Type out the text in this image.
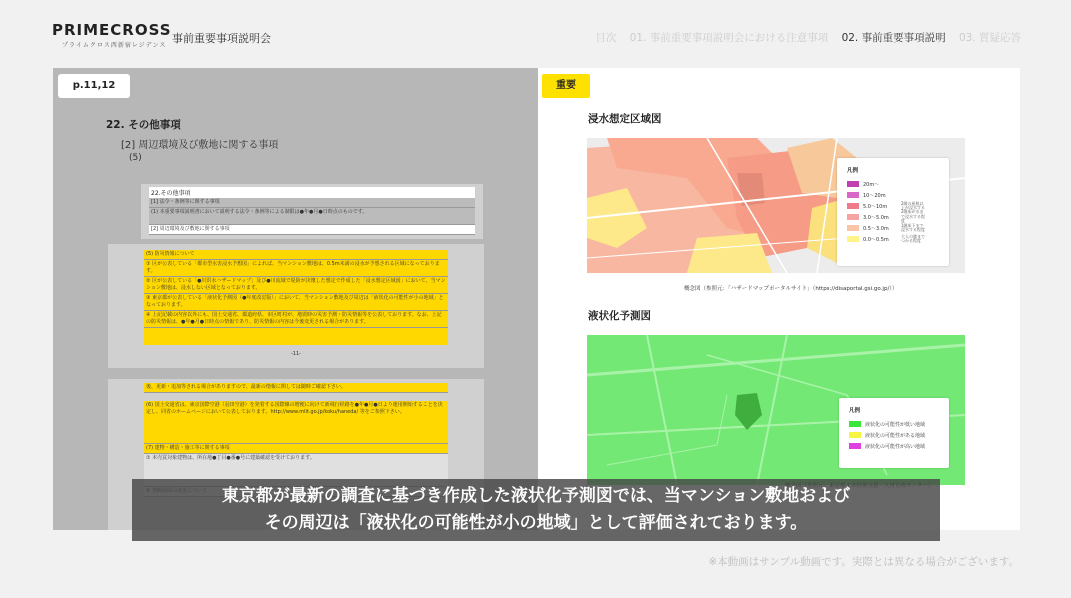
PRIMECROSS
プライムクロス西新宿レジデンス
事前重要事項説明会	目次 01. 事前重要事項説明会における注意事項 02. 事前重要事項説明 03. 質疑応答
p.11,12
22. その他事項
[2] 周辺環境及び敷地に関する事項
(5)
22.その他事項
[1] 法令・条例等に関する事項
(1) 本重要事項説明書において説明する法令・条例等による制限は●年●月●日時点のものです。
[2] 周辺環境及び敷地に関する事項
(5) 防災情報について
① 区が公表している「都市型水害浸水予想図」によれば、当マンション敷地は、0.5m未満の浸水が予想される区域になっております。
② 区が公表している「●川洪水ハザードマップ」及び●川流域で堤防が決壊した想定で作成した「浸水想定区域図」において、当マンション敷地は、浸水しない区域となっております。
③ 東京都が公表している「液状化予測図（●年度改訂版）」において、当マンション敷地及び周辺は「液状化の可能性が小の地域」となっております。
④ 上記記載の内容以外にも、国土交通省、都道府県、市区町村が、地震時の災害予測・防災情報等を公表しております。なお、上記の防災情報は、●年●月●日時点の情報であり、防災情報の内容は今後変更される場合があります。
-11-
後、更新・追加等される場合がありますので、最新の情報に関しては随時ご確認下さい。
(6) 国土交通省は、東京国際空港（羽田空港）を発着する国際線の増便に向けて新飛行経路を●年●月●日より運用開始することを決定し、同省のホームページにおいて公表しております。http://www.mlit.go.jp/koku/haneda/ 等をご参照下さい。
(7) 建物・構造・施工等に関する事項
① 本売買対象建物は、所在地●丁目●番●号に建築確認を受けております。
重要
浸水想定区域図
凡例
20m～
10～20m
5.0～10m
2階の屋根以上が浸水する
3.0～5.0m
2階床が水まで浸水する程度
0.5～3.0m
1階床下まで浸水する程度
0.0～0.5m
大人の膝までつかる程度
概念図（参照元：「ハザードマップポータルサイト」（https://disaportal.gsi.go.jp/））
液状化予測図
凡例
液状化の可能性が低い地域
液状化の可能性がある地域
液状化の可能性が高い地域
東京都が最新の調査に基づき作成した液状化予測図では、当マンション敷地および
その周辺は「液状化の可能性が小の地域」として評価されております。
※本動画はサンプル動画です。実際とは異なる場合がございます。
